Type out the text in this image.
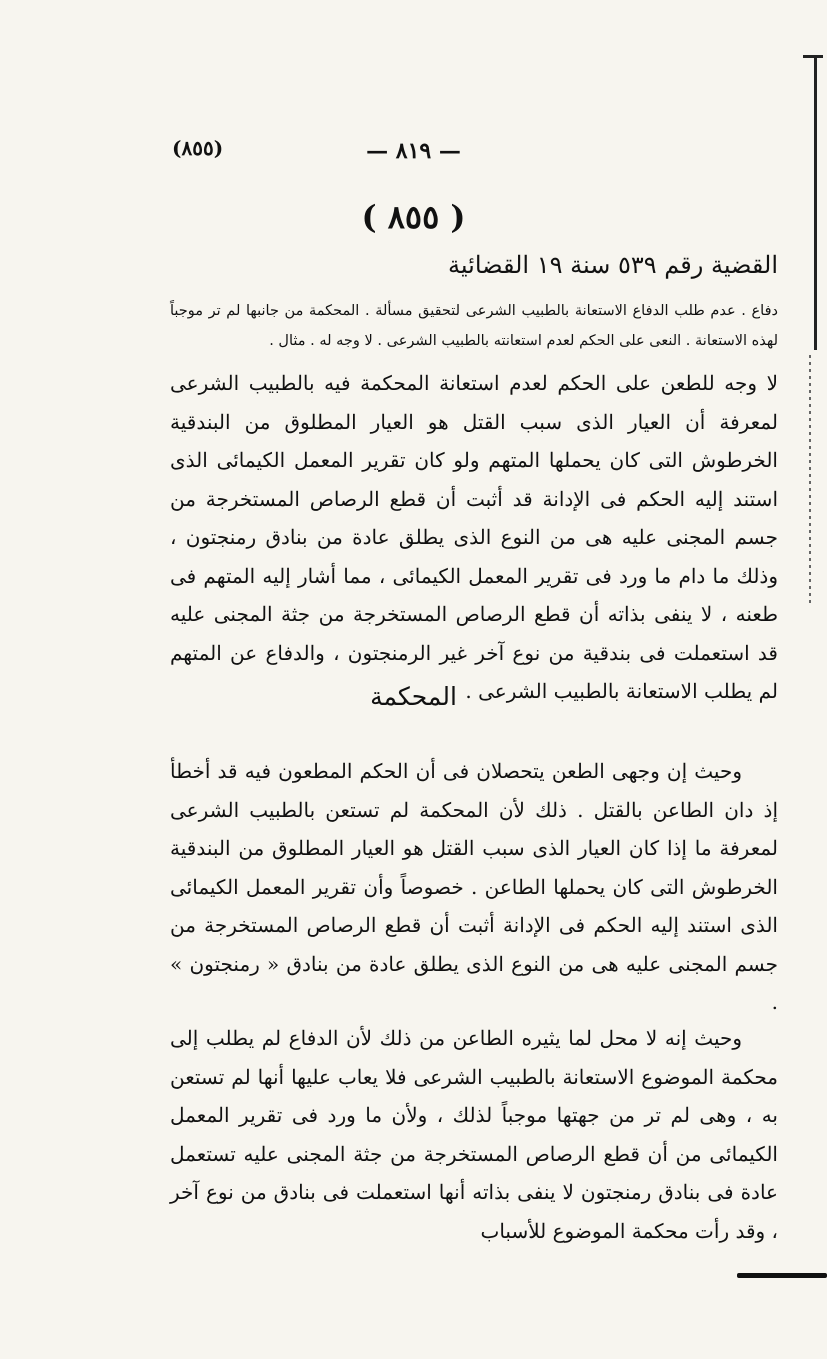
(٨٥٥)	— ٨١٩ —
( ٨٥٥ )
القضية رقم ٥٣٩ سنة ١٩ القضائية

دفاع . عدم طلب الدفاع الاستعانة بالطبيب الشرعى لتحقيق مسألة . المحكمة من جانبها لم تر موجباً لهذه الاستعانة . النعى على الحكم لعدم استعانته بالطبيب الشرعى . لا وجه له . مثال .

لا وجه للطعن على الحكم لعدم استعانة المحكمة فيه بالطبيب الشرعى لمعرفة أن العيار الذى سبب القتل هو العيار المطلوق من البندقية الخرطوش التى كان يحملها المتهم ولو كان تقرير المعمل الكيمائى الذى استند إليه الحكم فى الإدانة قد أثبت أن قطع الرصاص المستخرجة من جسم المجنى عليه هى من النوع الذى يطلق عادة من بنادق رمنجتون ، وذلك ما دام ما ورد فى تقرير المعمل الكيمائى ، مما أشار إليه المتهم فى طعنه ، لا ينفى بذاته أن قطع الرصاص المستخرجة من جثة المجنى عليه قد استعملت فى بندقية من نوع آخر غير الرمنجتون ، والدفاع عن المتهم لم يطلب الاستعانة بالطبيب الشرعى .

المحكمة

وحيث إن وجهى الطعن يتحصلان فى أن الحكم المطعون فيه قد أخطأ إذ دان الطاعن بالقتل . ذلك لأن المحكمة لم تستعن بالطبيب الشرعى لمعرفة ما إذا كان العيار الذى سبب القتل هو العيار المطلوق من البندقية الخرطوش التى كان يحملها الطاعن . خصوصاً وأن تقرير المعمل الكيمائى الذى استند إليه الحكم فى الإدانة أثبت أن قطع الرصاص المستخرجة من جسم المجنى عليه هى من النوع الذى يطلق عادة من بنادق « رمنجتون » .

وحيث إنه لا محل لما يثيره الطاعن من ذلك لأن الدفاع لم يطلب إلى محكمة الموضوع الاستعانة بالطبيب الشرعى فلا يعاب عليها أنها لم تستعن به ، وهى لم تر من جهتها موجباً لذلك ، ولأن ما ورد فى تقرير المعمل الكيمائى من أن قطع الرصاص المستخرجة من جثة المجنى عليه تستعمل عادة فى بنادق رمنجتون لا ينفى بذاته أنها استعملت فى بنادق من نوع آخر ، وقد رأت محكمة الموضوع للأسباب
